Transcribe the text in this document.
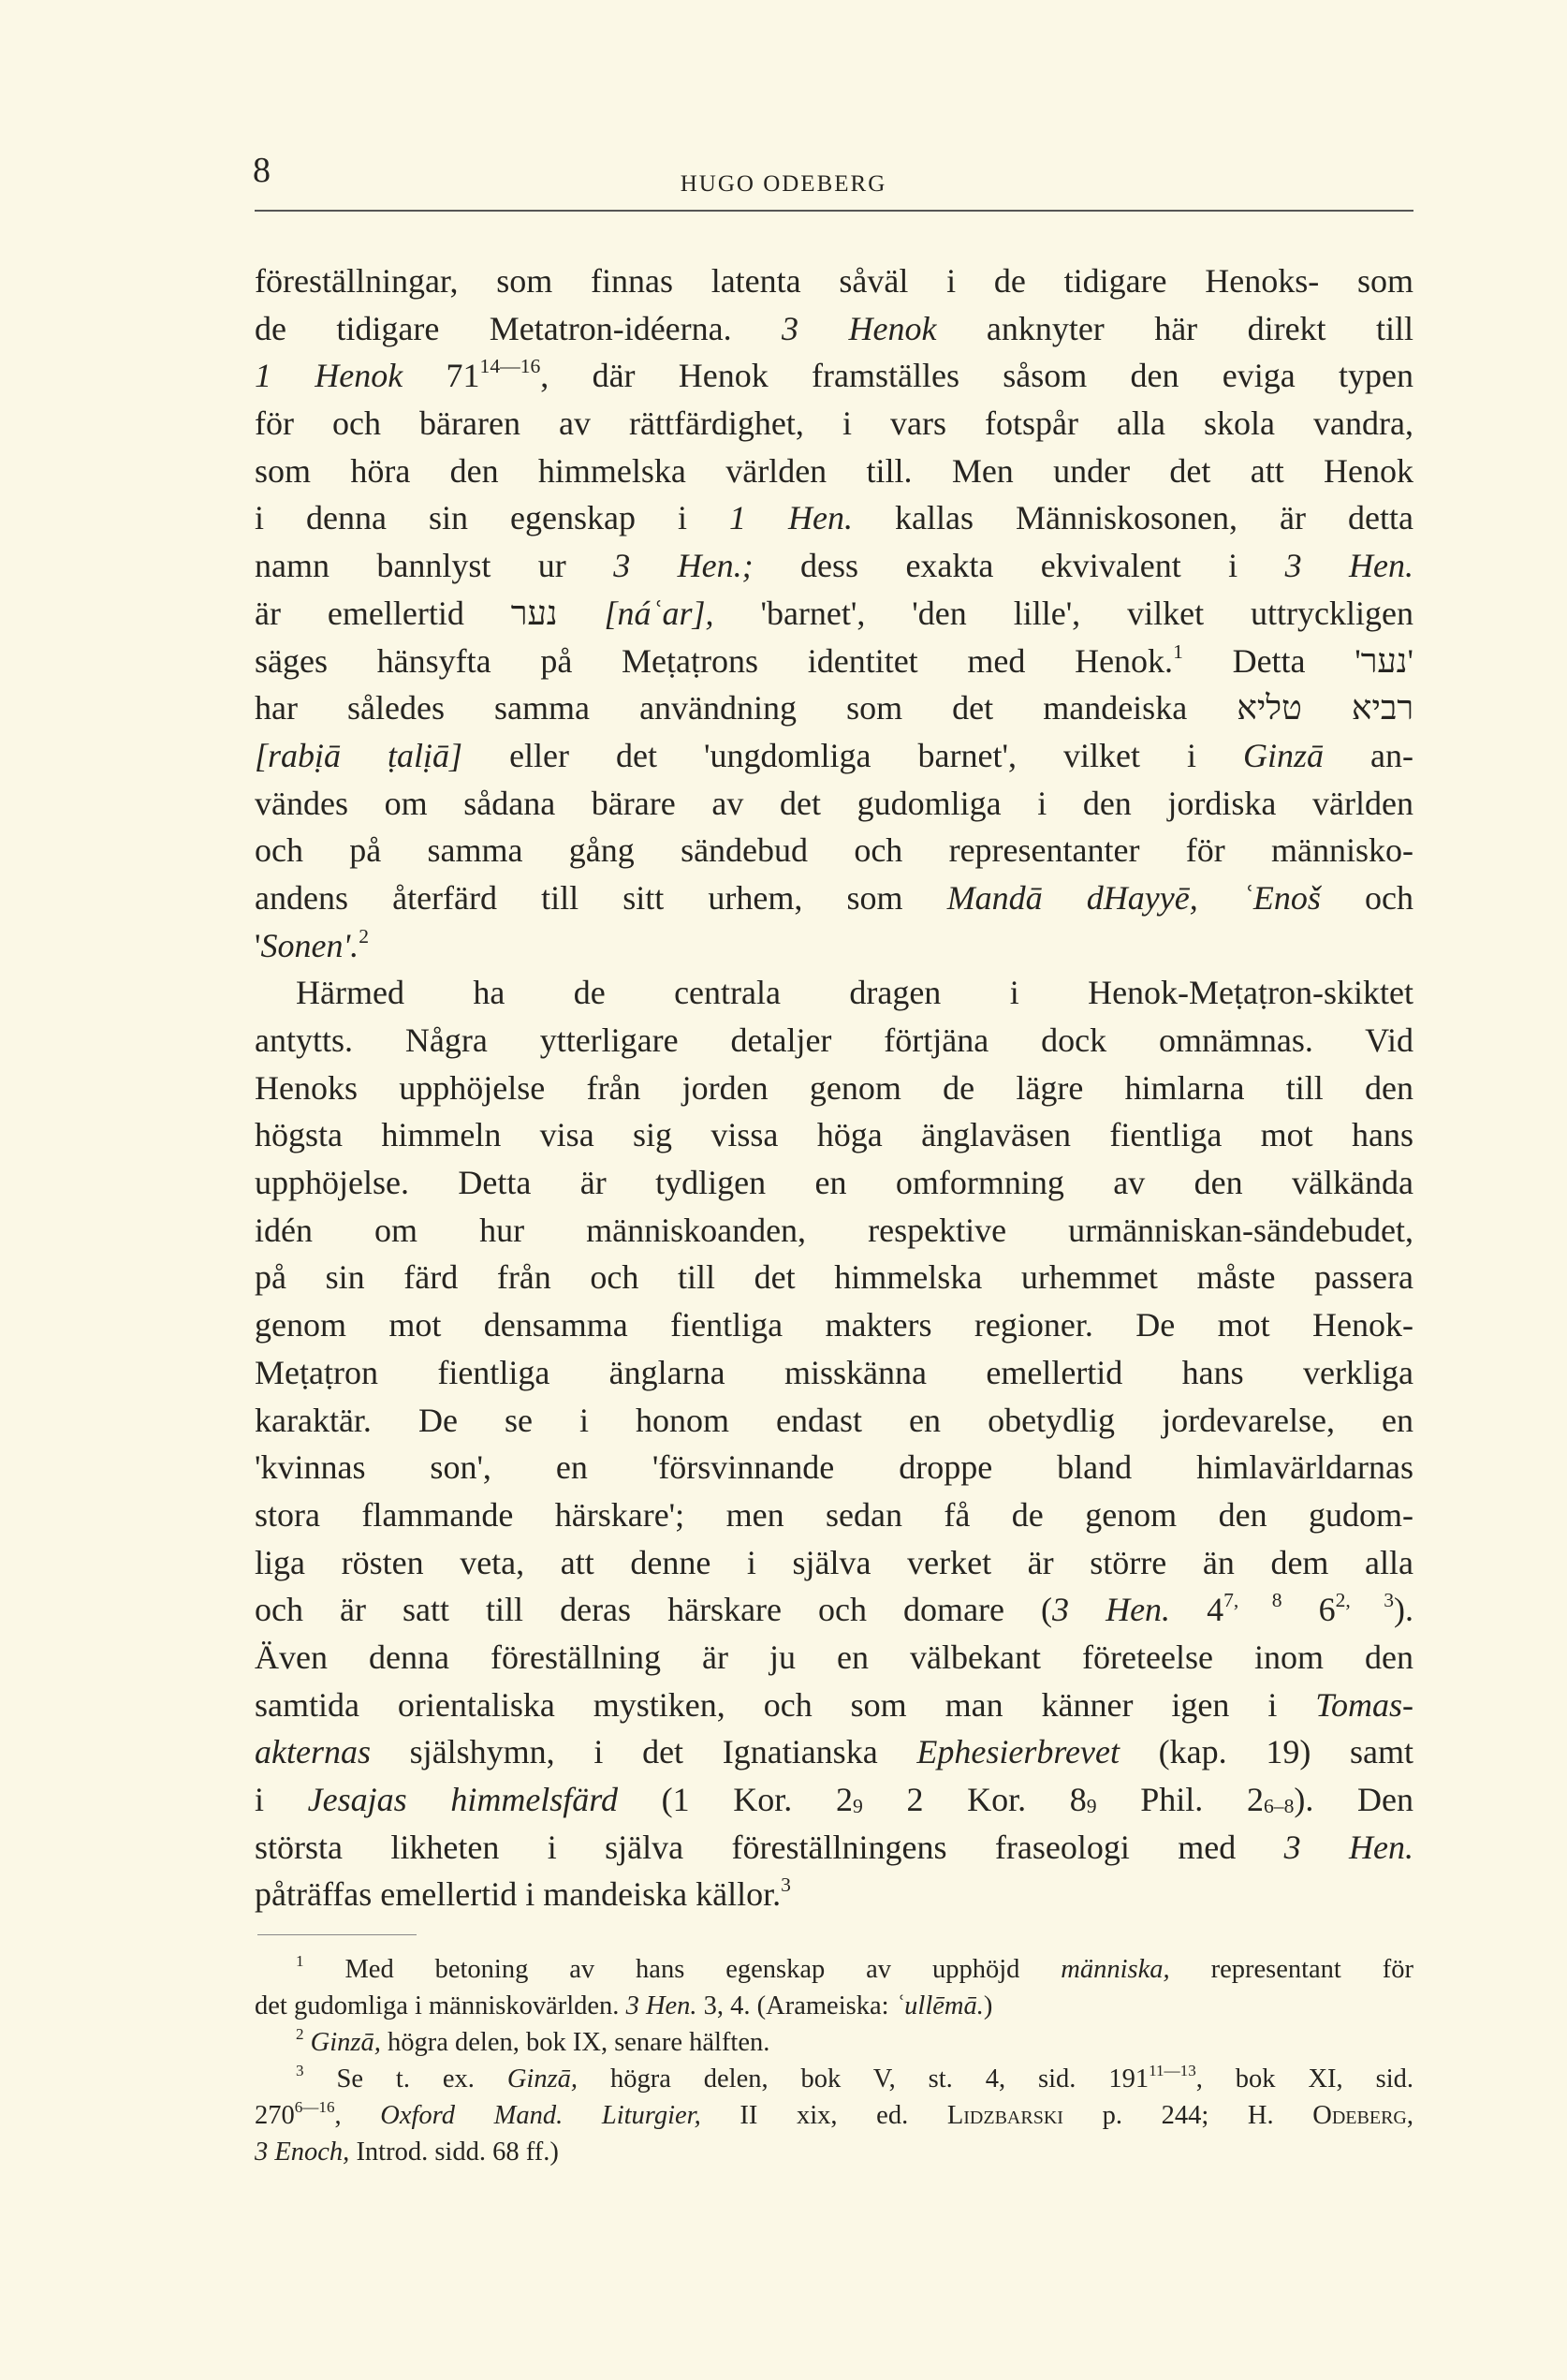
8	HUGO ODEBERG
föreställningar, som finnas latenta såväl i de tidigare Henoks- som
de tidigare Metatron-idéerna. 3 Henok anknyter här direkt till
1 Henok $71^{14—16}$, där Henok framställes såsom den eviga typen
för och bäraren av rättfärdighet, i vars fotspår alla skola vandra,
som höra den himmelska världen till. Men under det att Henok
i denna sin egenskap i 1 Hen. kallas Människosonen, är detta
namn bannlyst ur 3 Hen.; dess exakta ekvivalent i 3 Hen.
är emellertid נער [náʿar], 'barnet', 'den lille', vilket uttryckligen
säges hänsyfta på Meṭaṭrons identitet med Henok.$^1$ Detta 'נער'
har således samma användning som det mandeiska רביא טליא
[rabịā ṭalịā] eller det 'ungdomliga barnet', vilket i Ginzā an-
vändes om sådana bärare av det gudomliga i den jordiska världen
och på samma gång sändebud och representanter för människo-
andens återfärd till sitt urhem, som Mandā dHayyē, ʿEnoš och
'Sonen'.$^2$
Härmed ha de centrala dragen i Henok-Meṭaṭron-skiktet
antytts. Några ytterligare detaljer förtjäna dock omnämnas. Vid
Henoks upphöjelse från jorden genom de lägre himlarna till den
högsta himmeln visa sig vissa höga änglaväsen fientliga mot hans
upphöjelse. Detta är tydligen en omformning av den välkända
idén om hur människoanden, respektive urmänniskan-sändebudet,
på sin färd från och till det himmelska urhemmet måste passera
genom mot densamma fientliga makters regioner. De mot Henok-
Meṭaṭron fientliga änglarna misskänna emellertid hans verkliga
karaktär. De se i honom endast en obetydlig jordevarelse, en
'kvinnas son', en 'försvinnande droppe bland himlavärldarnas
stora flammande härskare'; men sedan få de genom den gudom-
liga rösten veta, att denne i själva verket är större än dem alla
och är satt till deras härskare och domare (3 Hen. 4$^{7, 8}$ 6$^{2, 3}$).
Även denna föreställning är ju en välbekant företeelse inom den
samtida orientaliska mystiken, och som man känner igen i Tomas-
akternas själshymn, i det Ignatianska Ephesierbrevet (kap. 19) samt
i Jesajas himmelsfärd (1 Kor. 29 2 Kor. 89 Phil. 26–8). Den
största likheten i själva föreställningens fraseologi med 3 Hen.
påträffas emellertid i mandeiska källor.$^3$
$^1$ Med betoning av hans egenskap av upphöjd människa, representant för
det gudomliga i människovärlden. 3 Hen. 3, 4. (Arameiska: ʿullēmā.)
$^2$ Ginzā, högra delen, bok IX, senare hälften.
$^3$ Se t. ex. Ginzā, högra delen, bok V, st. 4, sid. $191^{11—13}$, bok XI, sid.
$270^{6—16}$, Oxford Mand. Liturgier, II xix, ed. Lidzbarski p. 244; H. Odeberg,
3 Enoch, Introd. sidd. 68 ff.)
